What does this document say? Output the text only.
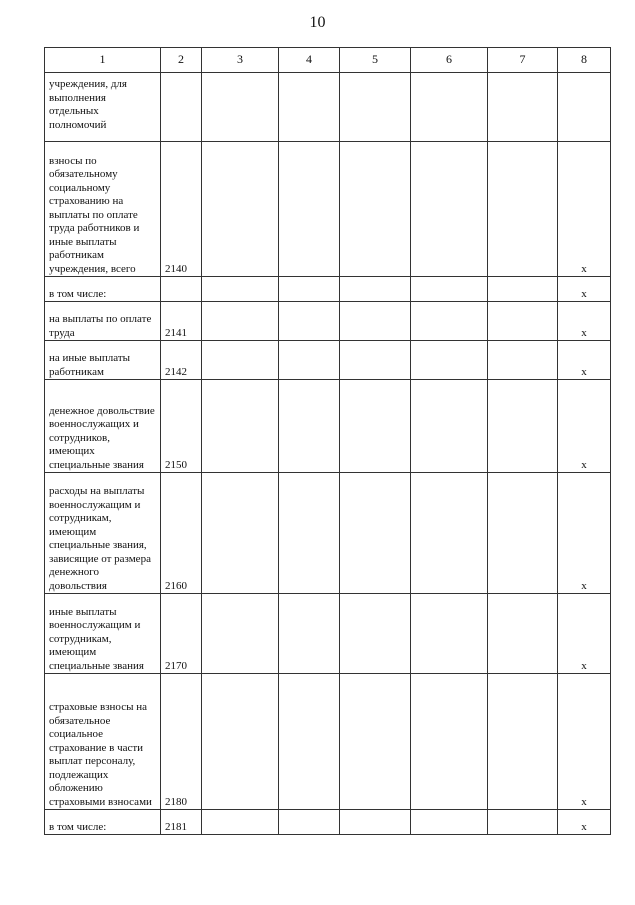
10
1	2	3	4	5	6	7	8
учреждения, для выполнения отдельных полномочий							
взносы по обязательному социальному страхованию на выплаты по оплате труда работников и иные выплаты работникам учреждения, всего	2140						x
в том числе:							x
на выплаты по оплате труда	2141						x
на иные выплаты работникам	2142						x
денежное довольствие военнослужащих и сотрудников, имеющих специальные звания	2150						x
расходы на выплаты военнослужащим и сотрудникам, имеющим специальные звания, зависящие от размера денежного довольствия	2160						x
иные выплаты военнослужащим и сотрудникам, имеющим специальные звания	2170						x
страховые взносы на обязательное социальное страхование в части выплат персоналу, подлежащих обложению страховыми взносами	2180						x
в том числе:	2181						x
